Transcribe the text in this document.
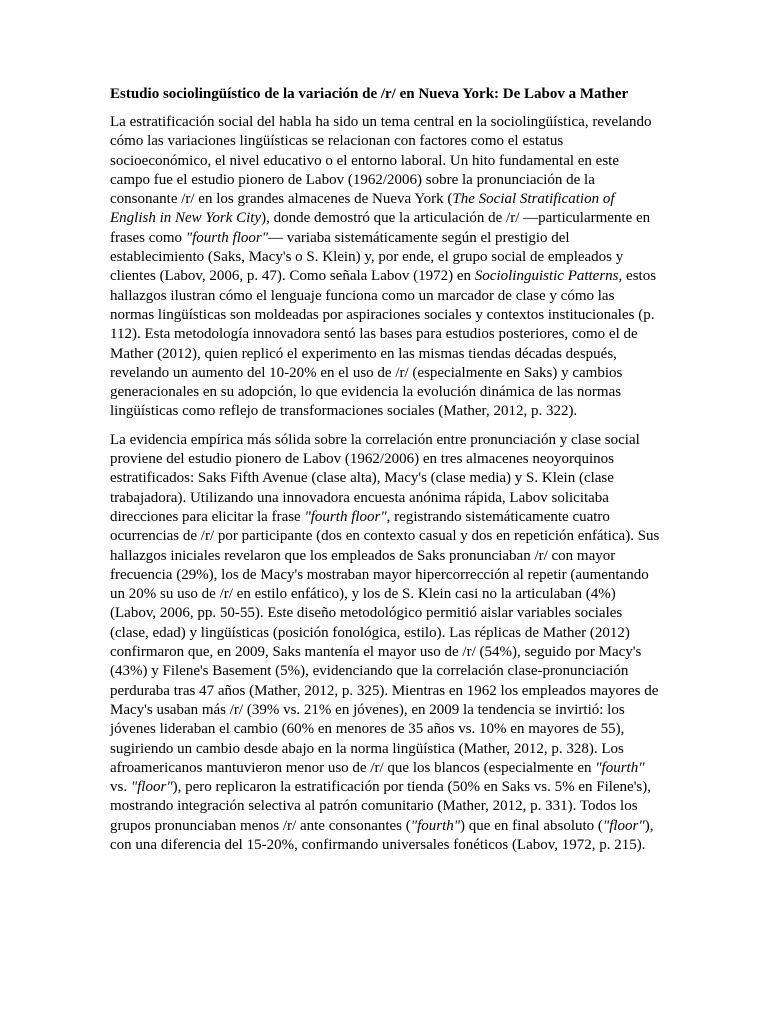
Estudio sociolingüístico de la variación de /r/ en Nueva York: De Labov a Mather

La estratificación social del habla ha sido un tema central en la sociolingüística, revelando cómo las variaciones lingüísticas se relacionan con factores como el estatus socioeconómico, el nivel educativo o el entorno laboral. Un hito fundamental en este campo fue el estudio pionero de Labov (1962/2006) sobre la pronunciación de la consonante /r/ en los grandes almacenes de Nueva York (The Social Stratification of English in New York City), donde demostró que la articulación de /r/ —particularmente en frases como "fourth floor"— variaba sistemáticamente según el prestigio del establecimiento (Saks, Macy's o S. Klein) y, por ende, el grupo social de empleados y clientes (Labov, 2006, p. 47). Como señala Labov (1972) en Sociolinguistic Patterns, estos hallazgos ilustran cómo el lenguaje funciona como un marcador de clase y cómo las normas lingüísticas son moldeadas por aspiraciones sociales y contextos institucionales (p. 112). Esta metodología innovadora sentó las bases para estudios posteriores, como el de Mather (2012), quien replicó el experimento en las mismas tiendas décadas después, revelando un aumento del 10-20% en el uso de /r/ (especialmente en Saks) y cambios generacionales en su adopción, lo que evidencia la evolución dinámica de las normas lingüísticas como reflejo de transformaciones sociales (Mather, 2012, p. 322).

La evidencia empírica más sólida sobre la correlación entre pronunciación y clase social proviene del estudio pionero de Labov (1962/2006) en tres almacenes neoyorquinos estratificados: Saks Fifth Avenue (clase alta), Macy's (clase media) y S. Klein (clase trabajadora). Utilizando una innovadora encuesta anónima rápida, Labov solicitaba direcciones para elicitar la frase "fourth floor", registrando sistemáticamente cuatro ocurrencias de /r/ por participante (dos en contexto casual y dos en repetición enfática). Sus hallazgos iniciales revelaron que los empleados de Saks pronunciaban /r/ con mayor frecuencia (29%), los de Macy's mostraban mayor hipercorrección al repetir (aumentando un 20% su uso de /r/ en estilo enfático), y los de S. Klein casi no la articulaban (4%) (Labov, 2006, pp. 50-55). Este diseño metodológico permitió aislar variables sociales (clase, edad) y lingüísticas (posición fonológica, estilo). Las réplicas de Mather (2012) confirmaron que, en 2009, Saks mantenía el mayor uso de /r/ (54%), seguido por Macy's (43%) y Filene's Basement (5%), evidenciando que la correlación clase-pronunciación perduraba tras 47 años (Mather, 2012, p. 325). Mientras en 1962 los empleados mayores de Macy's usaban más /r/ (39% vs. 21% en jóvenes), en 2009 la tendencia se invirtió: los jóvenes lideraban el cambio (60% en menores de 35 años vs. 10% en mayores de 55), sugiriendo un cambio desde abajo en la norma lingüística (Mather, 2012, p. 328). Los afroamericanos mantuvieron menor uso de /r/ que los blancos (especialmente en "fourth" vs. "floor"), pero replicaron la estratificación por tienda (50% en Saks vs. 5% en Filene's), mostrando integración selectiva al patrón comunitario (Mather, 2012, p. 331). Todos los grupos pronunciaban menos /r/ ante consonantes ("fourth") que en final absoluto ("floor"), con una diferencia del 15-20%, confirmando universales fonéticos (Labov, 1972, p. 215).
